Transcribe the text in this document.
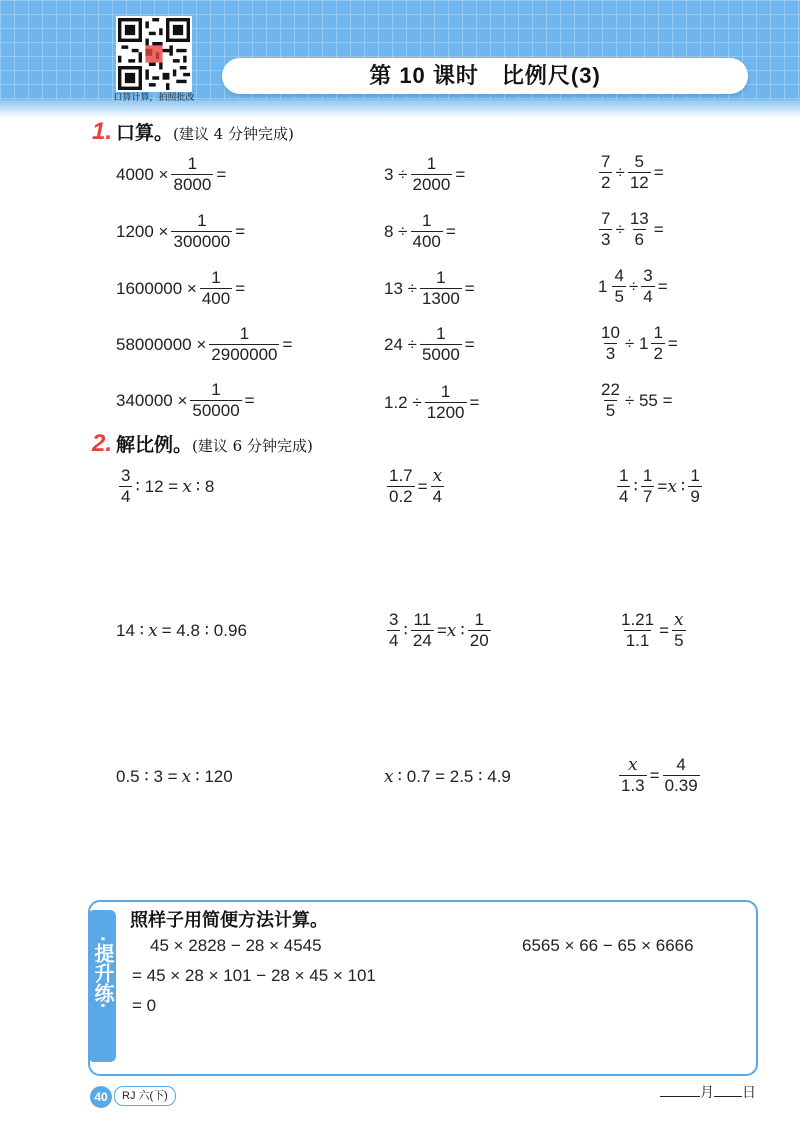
口算计算，拍照批改
第 10 课时　比例尺(3)
1. 口算。(建议 4 分钟完成)
$4000 \times \frac{1}{8000}$ =
$1200 \times \frac{1}{300000}$ =
$1600000 \times \frac{1}{400}$ =
$58000000 \times \frac{1}{2900000}$ =
$340000 \times \frac{1}{50000}$ =
$3 \div \frac{1}{2000}$ =
$8 \div \frac{1}{400}$ =
$13 \div \frac{1}{1300}$ =
$24 \div \frac{1}{5000}$ =
$1.2 \div \frac{1}{1200}$ =
$\frac{7}{2} \div \frac{5}{12}$ =
$\frac{7}{3} \div \frac{13}{6}$ =
$1 \frac{4}{5} \div \frac{3}{4}$ =
$\frac{10}{3} \div 1 \frac{1}{2}$ =
$\frac{22}{5} \div 55$ =
2. 解比例。(建议 6 分钟完成)
$\frac{3}{4}$ ∶ 12 = x ∶ 8	$\frac{1.7}{0.2} = \frac{x}{4}$	$\frac{1}{4}$ ∶ $\frac{1}{7} = x$ ∶ $\frac{1}{9}$
14 ∶ x = 4.8 ∶ 0.96	$\frac{3}{4}$ ∶ $\frac{11}{24} = x$ ∶ $\frac{1}{20}$	$\frac{1.21}{1.1} = \frac{x}{5}$
0.5 ∶ 3 = x ∶ 120	x ∶ 0.7 = 2.5 ∶ 4.9	$\frac{x}{1.3} = \frac{4}{0.39}$
·提升练·
照样子用简便方法计算。
45 × 2828 − 28 × 4545
= 45 × 28 × 101 − 28 × 45 × 101
= 0
6565 × 66 − 65 × 6666
40	RJ 六(下)	月 日
